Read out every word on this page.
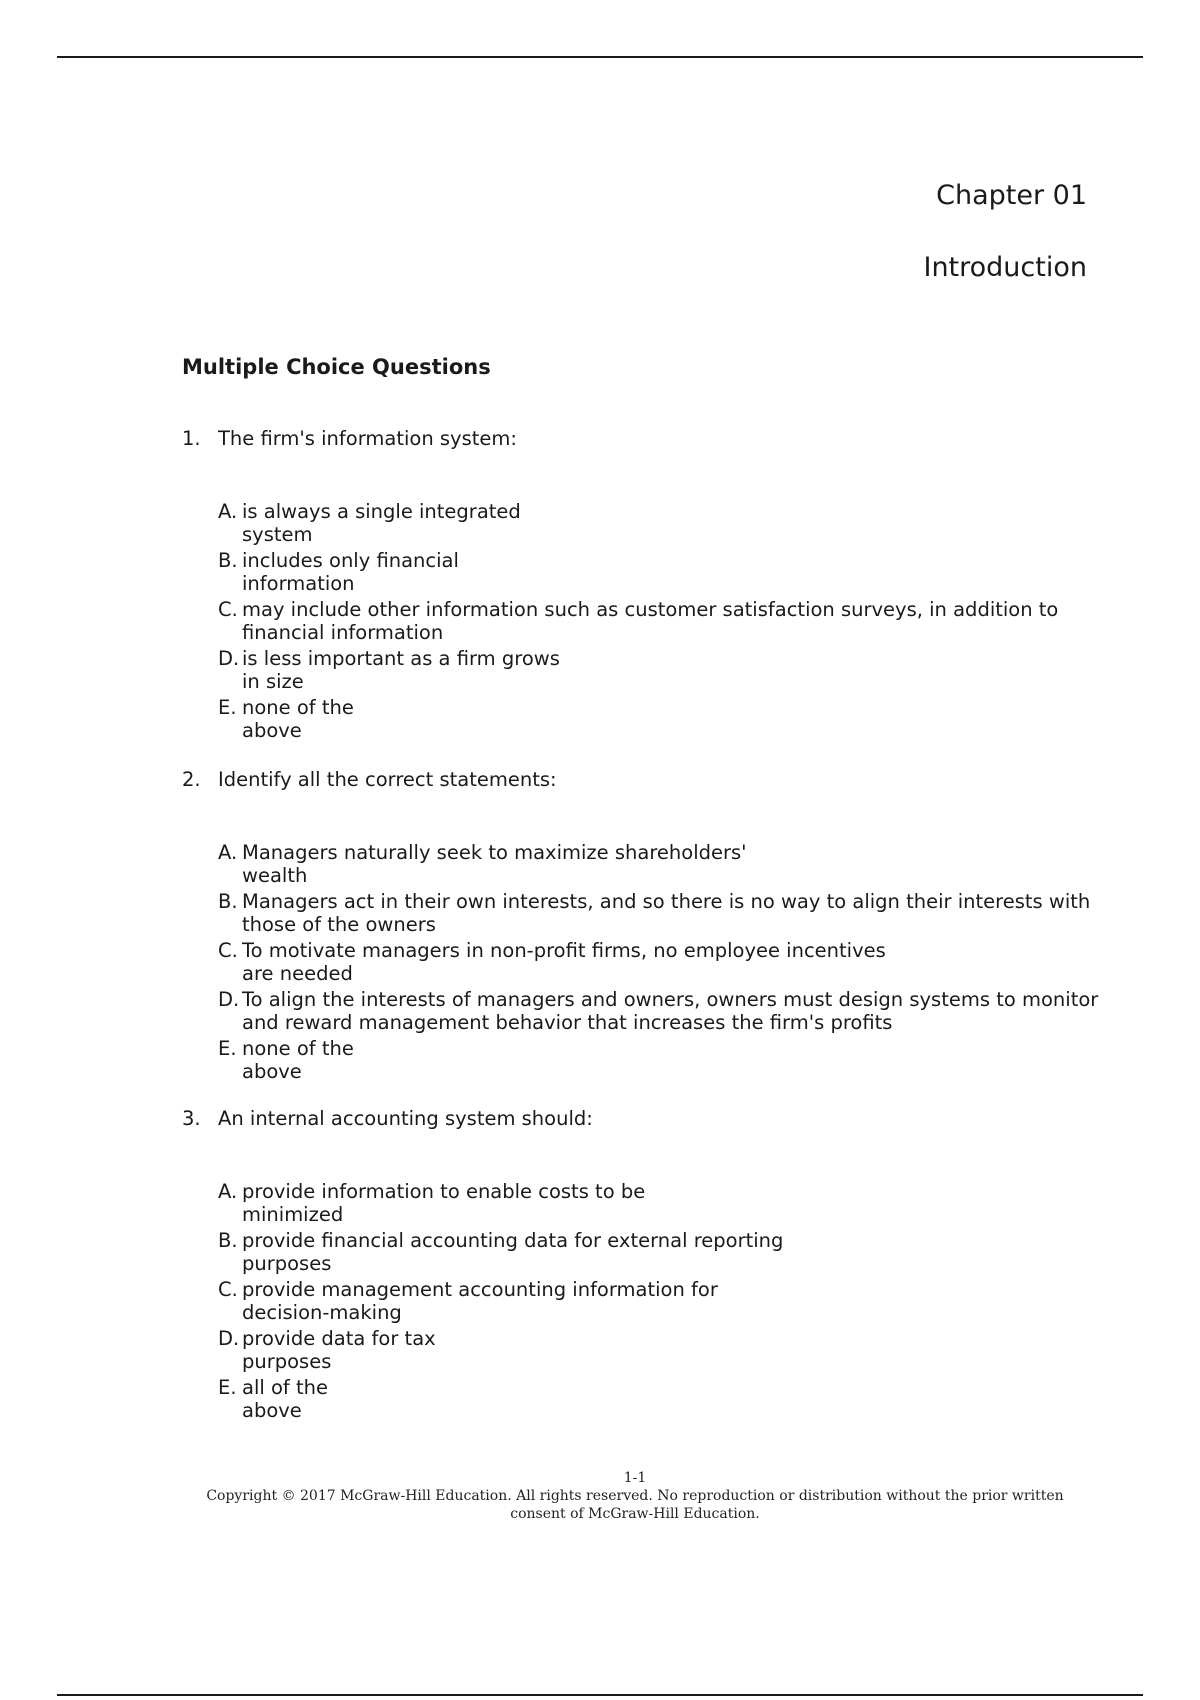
Chapter 01
Introduction
Multiple Choice Questions
1. The firm's information system:
A. is always a single integrated system
B. includes only financial information
C. may include other information such as customer satisfaction surveys, in addition to financial information
D. is less important as a firm grows in size
E. none of the above
2. Identify all the correct statements:
A. Managers naturally seek to maximize shareholders' wealth
B. Managers act in their own interests, and so there is no way to align their interests with those of the owners
C. To motivate managers in non-profit firms, no employee incentives are needed
D. To align the interests of managers and owners, owners must design systems to monitor and reward management behavior that increases the firm's profits
E. none of the above
3. An internal accounting system should:
A. provide information to enable costs to be minimized
B. provide financial accounting data for external reporting purposes
C. provide management accounting information for decision-making
D. provide data for tax purposes
E. all of the above
1-1
Copyright © 2017 McGraw-Hill Education. All rights reserved. No reproduction or distribution without the prior written consent of McGraw-Hill Education.
